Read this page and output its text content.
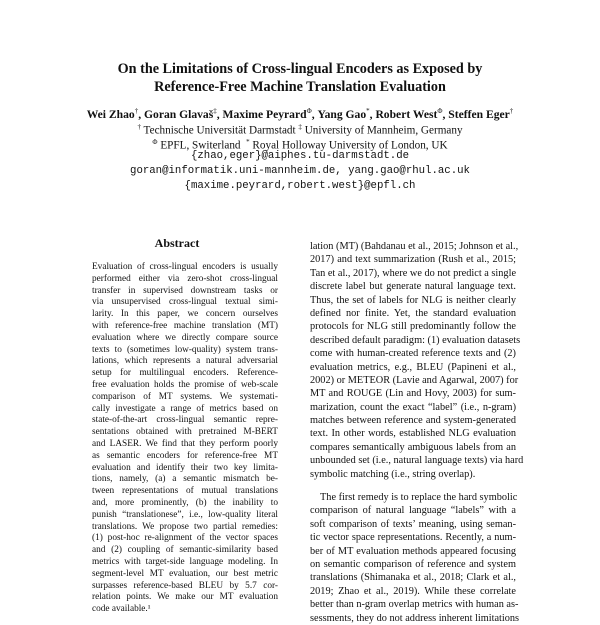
On the Limitations of Cross-lingual Encoders as Exposed by
Reference-Free Machine Translation Evaluation
Wei Zhao†, Goran Glavaš‡, Maxime Peyrard$^\Phi$, Yang Gao*, Robert West$^\Phi$, Steffen Eger†
† Technische Universität Darmstadt ‡ University of Mannheim, Germany
$^\Phi$ EPFL, Switerland * Royal Holloway University of London, UK
{zhao,eger}@aiphes.tu-darmstadt.de
goran@informatik.uni-mannheim.de, yang.gao@rhul.ac.uk
{maxime.peyrard,robert.west}@epfl.ch
Abstract
Evaluation of cross-lingual encoders is usually
performed either via zero-shot cross-lingual
transfer in supervised downstream tasks or
via unsupervised cross-lingual textual simi-
larity. In this paper, we concern ourselves
with reference-free machine translation (MT)
evaluation where we directly compare source
texts to (sometimes low-quality) system trans-
lations, which represents a natural adversarial
setup for multilingual encoders. Reference-
free evaluation holds the promise of web-scale
comparison of MT systems. We systemati-
cally investigate a range of metrics based on
state-of-the-art cross-lingual semantic repre-
sentations obtained with pretrained M-BERT
and LASER. We find that they perform poorly
as semantic encoders for reference-free MT
evaluation and identify their two key limita-
tions, namely, (a) a semantic mismatch be-
tween representations of mutual translations
and, more prominently, (b) the inability to
punish “translationese”, i.e., low-quality literal
translations. We propose two partial remedies:
(1) post-hoc re-alignment of the vector spaces
and (2) coupling of semantic-similarity based
metrics with target-side language modeling. In
segment-level MT evaluation, our best metric
surpasses reference-based BLEU by 5.7 cor-
relation points. We make our MT evaluation
code available.¹
lation (MT) (Bahdanau et al., 2015; Johnson et al.,
2017) and text summarization (Rush et al., 2015;
Tan et al., 2017), where we do not predict a single
discrete label but generate natural language text.
Thus, the set of labels for NLG is neither clearly
defined nor finite. Yet, the standard evaluation
protocols for NLG still predominantly follow the
described default paradigm: (1) evaluation datasets
come with human-created reference texts and (2)
evaluation metrics, e.g., BLEU (Papineni et al.,
2002) or METEOR (Lavie and Agarwal, 2007) for
MT and ROUGE (Lin and Hovy, 2003) for sum-
marization, count the exact “label” (i.e., n-gram)
matches between reference and system-generated
text. In other words, established NLG evaluation
compares semantically ambiguous labels from an
unbounded set (i.e., natural language texts) via hard
symbolic matching (i.e., string overlap).
The first remedy is to replace the hard symbolic
comparison of natural language “labels” with a
soft comparison of texts’ meaning, using seman-
tic vector space representations. Recently, a num-
ber of MT evaluation methods appeared focusing
on semantic comparison of reference and system
translations (Shimanaka et al., 2018; Clark et al.,
2019; Zhao et al., 2019). While these correlate
better than n-gram overlap metrics with human as-
sessments, they do not address inherent limitations
